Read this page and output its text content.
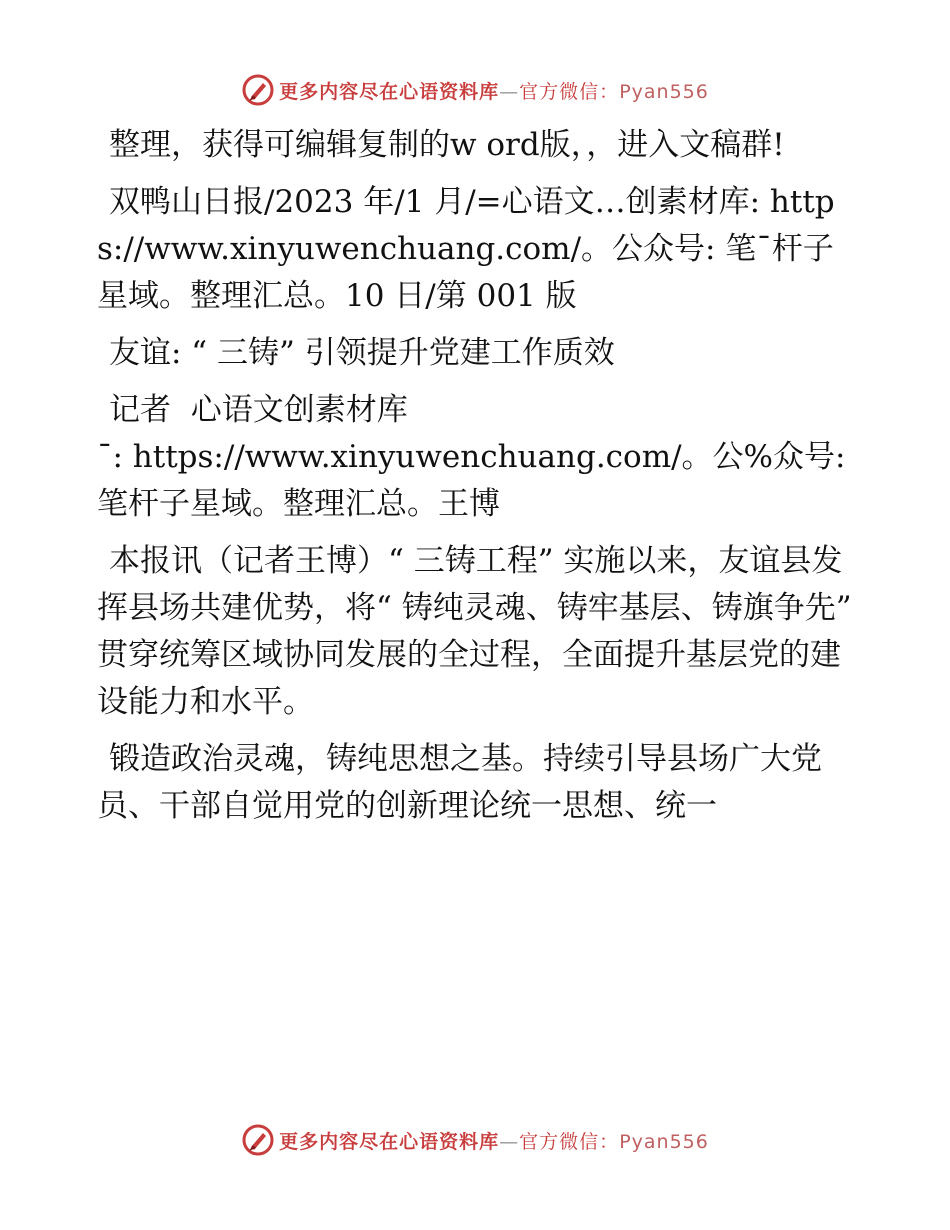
更多内容尽在心语资料库—官方微信：Pyan556

整理，获得可编辑复制的w ord版，，进入文稿群!

双鸭山日报/2023 年/1 月/=心语文…创素材库: https://www.xinyuwenchuang.com/。公众号: 笔¯杆子星域。整理汇总。10 日/第 001 版

友谊: “ 三铸” 引领提升党建工作质效

记者  心语文创素材库

¯: https://www.xinyuwenchuang.com/。公%众号: 笔杆子星域。整理汇总。王博

本报讯（记者王博）“ 三铸工程” 实施以来，友谊县发挥县场共建优势，将“ 铸纯灵魂、铸牢基层、铸旗争先” 贯穿统筹区域协同发展的全过程，全面提升基层党的建设能力和水平。

锻造政治灵魂，铸纯思想之基。持续引导县场广大党员、干部自觉用党的创新理论统一思想、统一

更多内容尽在心语资料库—官方微信：Pyan556
